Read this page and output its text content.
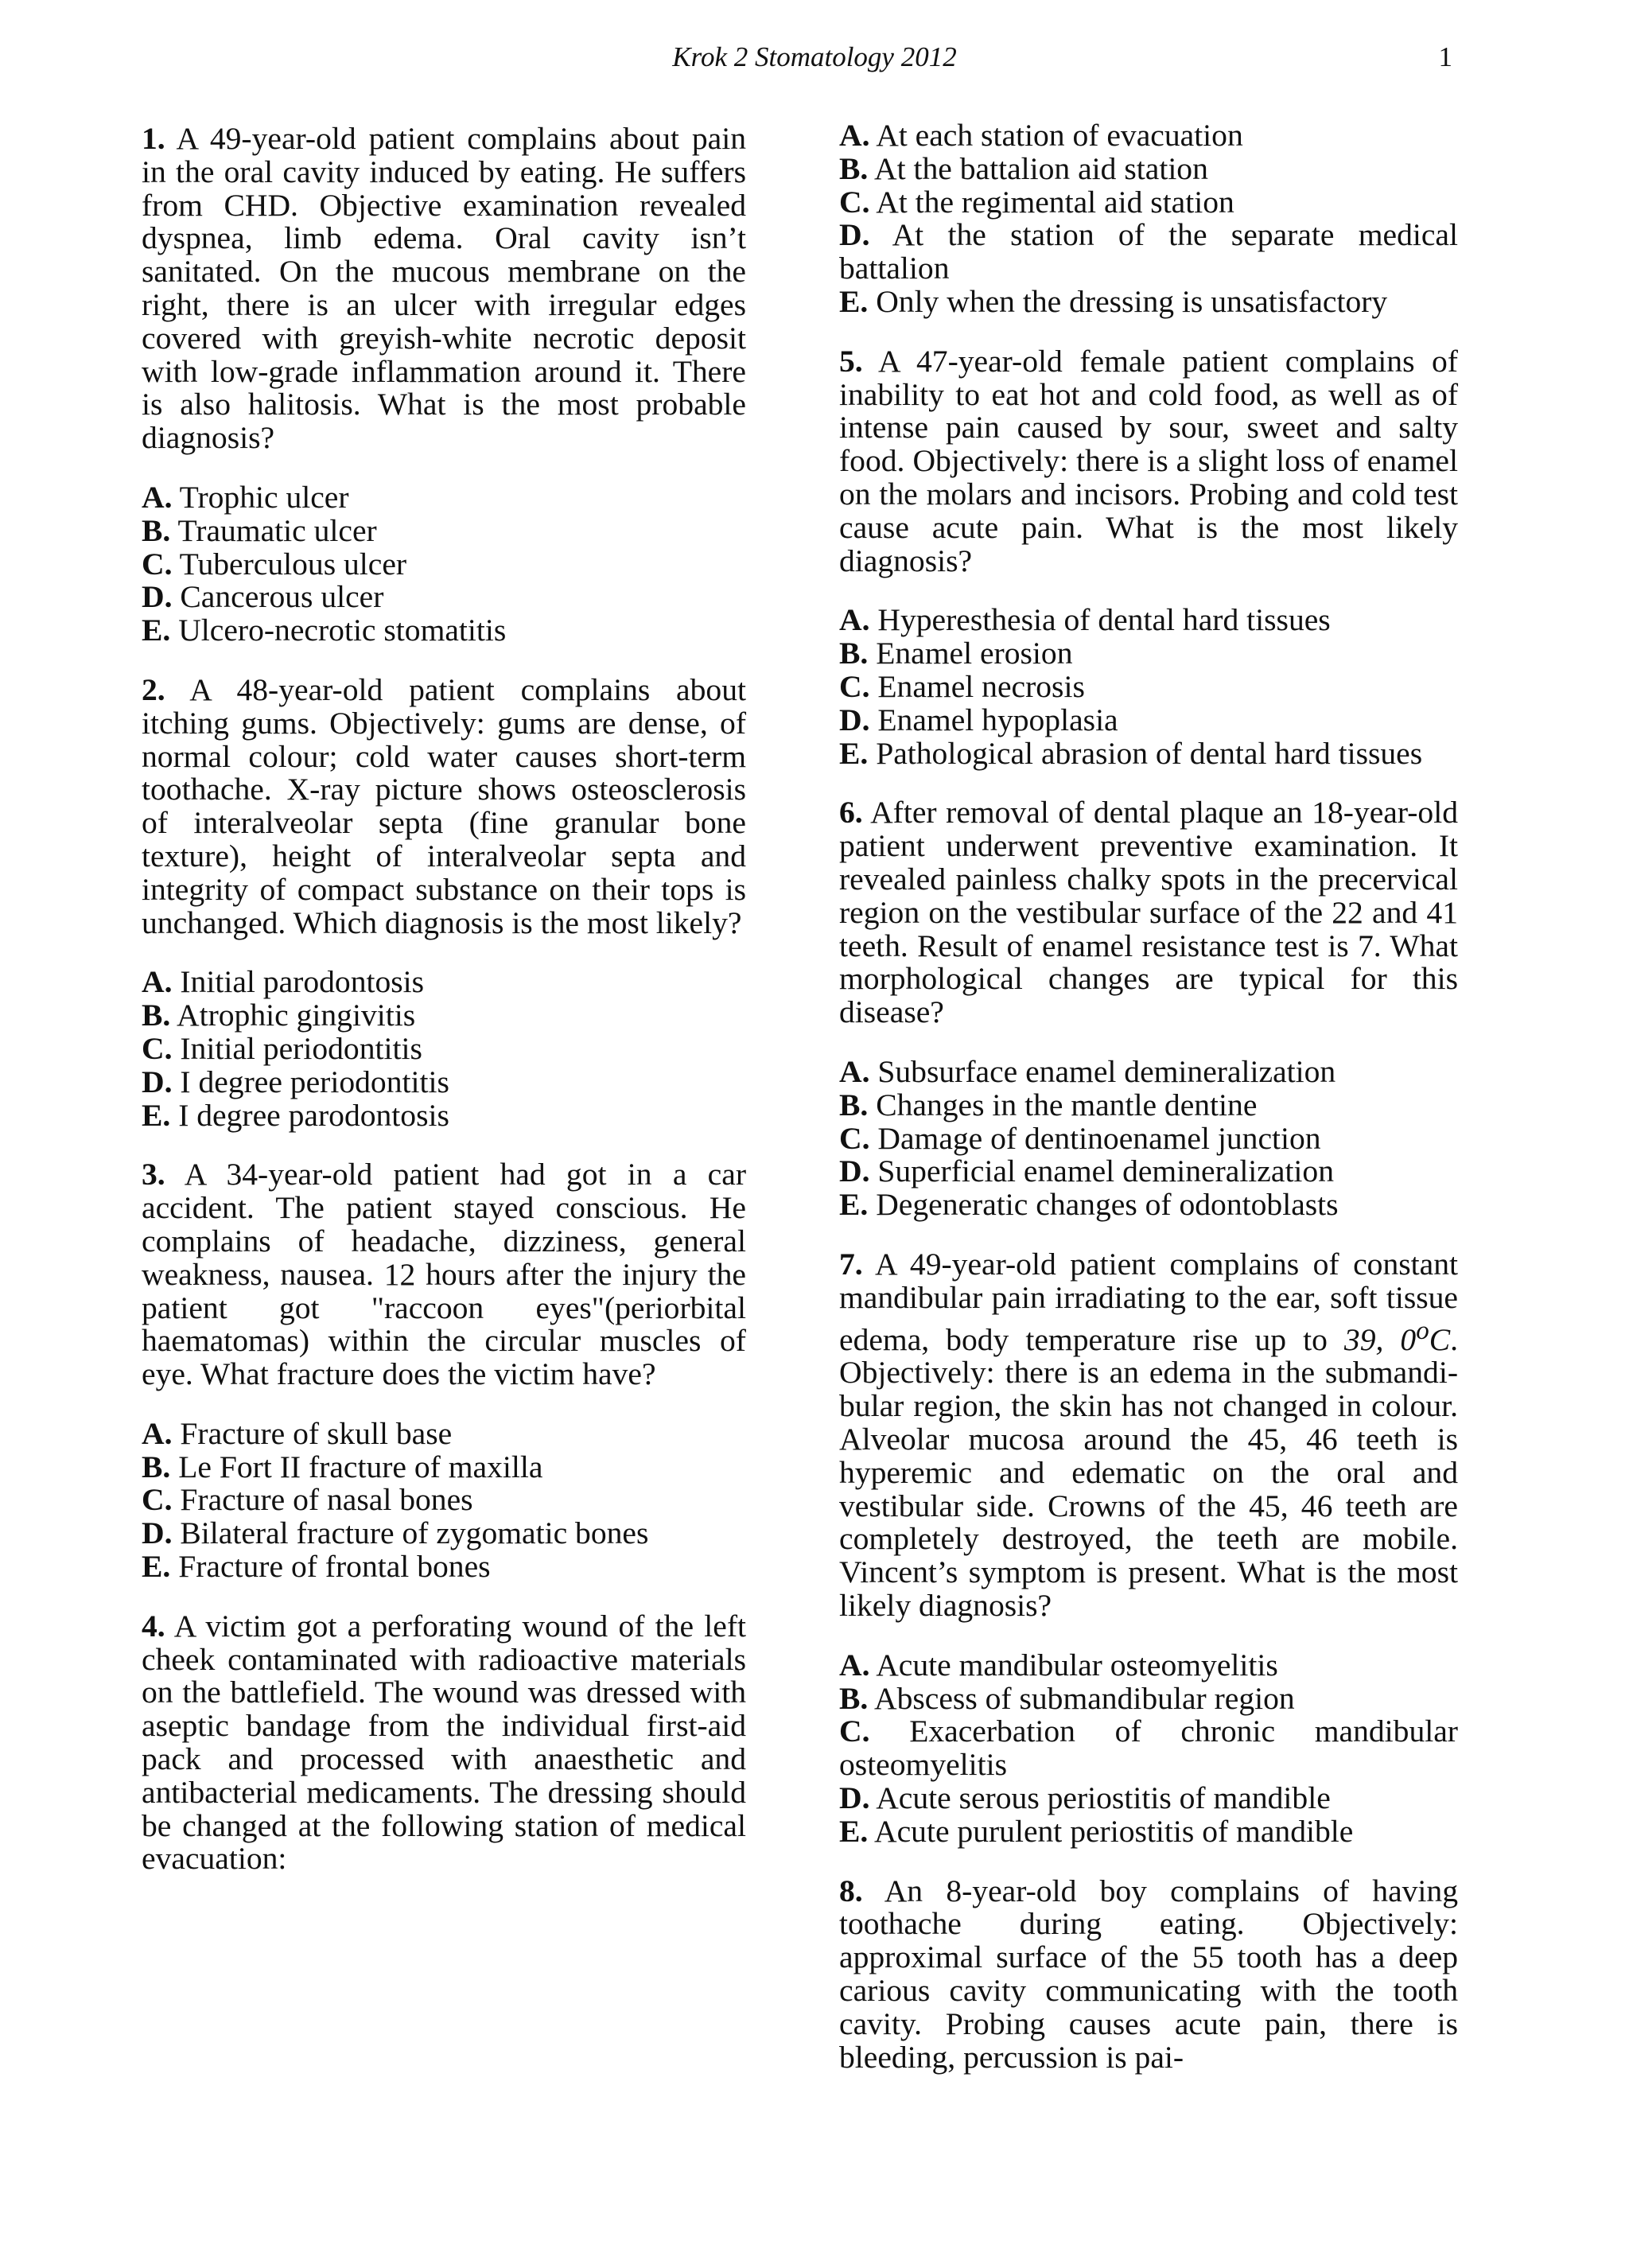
Krok 2 Stomatology 2012	1

1. A 49-year-old patient complains about pain in the oral cavity induced by eating. He suffers from CHD. Objective examination revealed dyspnea, limb edema. Oral cavity isn’t sanitated. On the mucous membrane on the right, there is an ulcer with irregular edges covered with greyish-white necrotic deposit with low-grade inflammation around it. There is also halitosis. What is the most probable diagnosis?

A. Trophic ulcer
B. Traumatic ulcer
C. Tuberculous ulcer
D. Cancerous ulcer
E. Ulcero-necrotic stomatitis

2. A 48-year-old patient complains about itching gums. Objectively: gums are dense, of normal colour; cold water causes short-term toothache. X-ray picture shows osteosclerosis of interalveolar septa (fine granular bone texture), height of interalveolar septa and integrity of compact substance on their tops is unchanged. Which diagnosis is the most likely?

A. Initial parodontosis
B. Atrophic gingivitis
C. Initial periodontitis
D. I degree periodontitis
E. I degree parodontosis

3. A 34-year-old patient had got in a car accident. The patient stayed conscious. He complains of headache, dizziness, general weakness, nausea. 12 hours after the injury the patient got "raccoon eyes"(periorbital haematomas) within the circular muscles of eye. What fracture does the victim have?

A. Fracture of skull base
B. Le Fort II fracture of maxilla
C. Fracture of nasal bones
D. Bilateral fracture of zygomatic bones
E. Fracture of frontal bones

4. A victim got a perforating wound of the left cheek contaminated with radioactive materials on the battlefield. The wound was dressed with aseptic bandage from the individual first-aid pack and processed with anaesthetic and antibacterial medicaments. The dressing should be changed at the following station of medical evacuation:

A. At each station of evacuation
B. At the battalion aid station
C. At the regimental aid station
D. At the station of the separate medical battalion
E. Only when the dressing is unsatisfactory

5. A 47-year-old female patient complains of inability to eat hot and cold food, as well as of intense pain caused by sour, sweet and salty food. Objectively: there is a slight loss of enamel on the molars and incisors. Probing and cold test cause acute pain. What is the most likely diagnosis?

A. Hyperesthesia of dental hard tissues
B. Enamel erosion
C. Enamel necrosis
D. Enamel hypoplasia
E. Pathological abrasion of dental hard tissues

6. After removal of dental plaque an 18-year-old patient underwent preventive examination. It revealed painless chalky spots in the precervical region on the vestibular surface of the 22 and 41 teeth. Result of enamel resistance test is 7. What morphological changes are typical for this disease?

A. Subsurface enamel demineralization
B. Changes in the mantle dentine
C. Damage of dentinoenamel junction
D. Superficial enamel demineralization
E. Degeneratic changes of odontoblasts

7. A 49-year-old patient complains of constant mandibular pain irradiating to the ear, soft tissue edema, body temperature rise up to 39, 0$^o$C. Objectively: there is an edema in the submandibular region, the skin has not changed in colour. Alveolar mucosa around the 45, 46 teeth is hyperemic and edematic on the oral and vestibular side. Crowns of the 45, 46 teeth are completely destroyed, the teeth are mobile. Vincent’s symptom is present. What is the most likely diagnosis?

A. Acute mandibular osteomyelitis
B. Abscess of submandibular region
C. Exacerbation of chronic mandibular osteomyelitis
D. Acute serous periostitis of mandible
E. Acute purulent periostitis of mandible

8. An 8-year-old boy complains of having toothache during eating. Objectively: approximal surface of the 55 tooth has a deep carious cavity communicating with the tooth cavity. Probing causes acute pain, there is bleeding, percussion is pai-
